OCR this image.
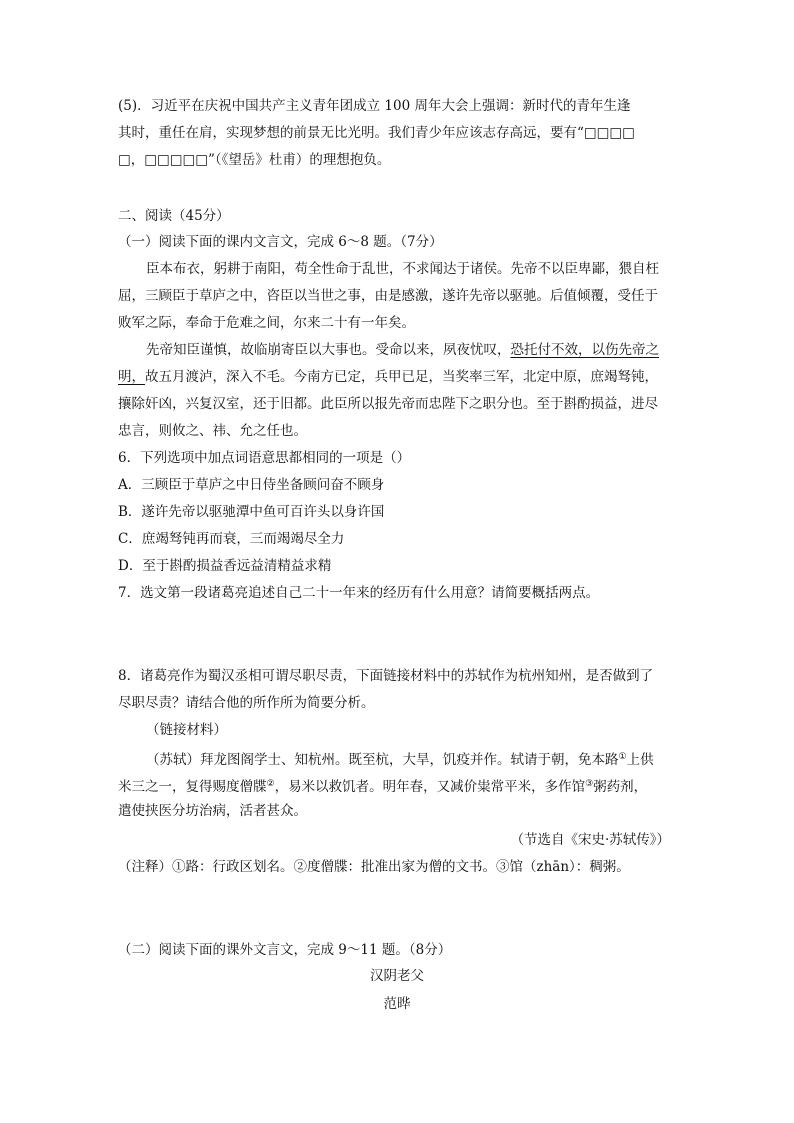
(5)．习近平在庆祝中国共产主义青年团成立 100 周年大会上强调：新时代的青年生逢
其时，重任在肩，实现梦想的前景无比光明。我们青少年应该志存高远，要有“□□□□
□，□□□□□”（《望岳》杜甫）的理想抱负。
二、阅读（45分）
（一）阅读下面的课内文言文，完成 6～8 题。（7分）
臣本布衣，躬耕于南阳，苟全性命于乱世，不求闻达于诸侯。先帝不以臣卑鄙，猥自枉
屈，三顾臣于草庐之中，咨臣以当世之事，由是感激，遂许先帝以驱驰。后值倾覆，受任于
败军之际，奉命于危难之间，尔来二十有一年矣。
先帝知臣谨慎，故临崩寄臣以大事也。受命以来，夙夜忧叹，恐托付不效，以伤先帝之
明，故五月渡泸，深入不毛。今南方已定，兵甲已足，当奖率三军，北定中原，庶竭驽钝，
攘除奸凶，兴复汉室，还于旧都。此臣所以报先帝而忠陛下之职分也。至于斟酌损益，进尽
忠言，则攸之、祎、允之任也。
6．下列选项中加点词语意思都相同的一项是（）
A．三顾臣于草庐之中日侍坐备顾问奋不顾身
B．遂许先帝以驱驰潭中鱼可百许头以身许国
C．庶竭驽钝再而衰，三而竭竭尽全力
D．至于斟酌损益香远益清精益求精
7．选文第一段诸葛亮追述自己二十一年来的经历有什么用意？请简要概括两点。
8．诸葛亮作为蜀汉丞相可谓尽职尽责，下面链接材料中的苏轼作为杭州知州，是否做到了
尽职尽责？请结合他的所作所为简要分析。
（链接材料）
（苏轼）拜龙图阁学士、知杭州。既至杭，大旱，饥疫并作。轼请于朝，免本路①上供
米三之一，复得赐度僧牒②，易米以救饥者。明年春，又减价粜常平米，多作馆③粥药剂，
遣使挟医分坊治病，活者甚众。
（节选自《宋史·苏轼传》）
（注释）①路：行政区划名。②度僧牒：批准出家为僧的文书。③馆（zhān）：稠粥。
（二）阅读下面的课外文言文，完成 9～11 题。（8分）
汉阴老父
范晔
